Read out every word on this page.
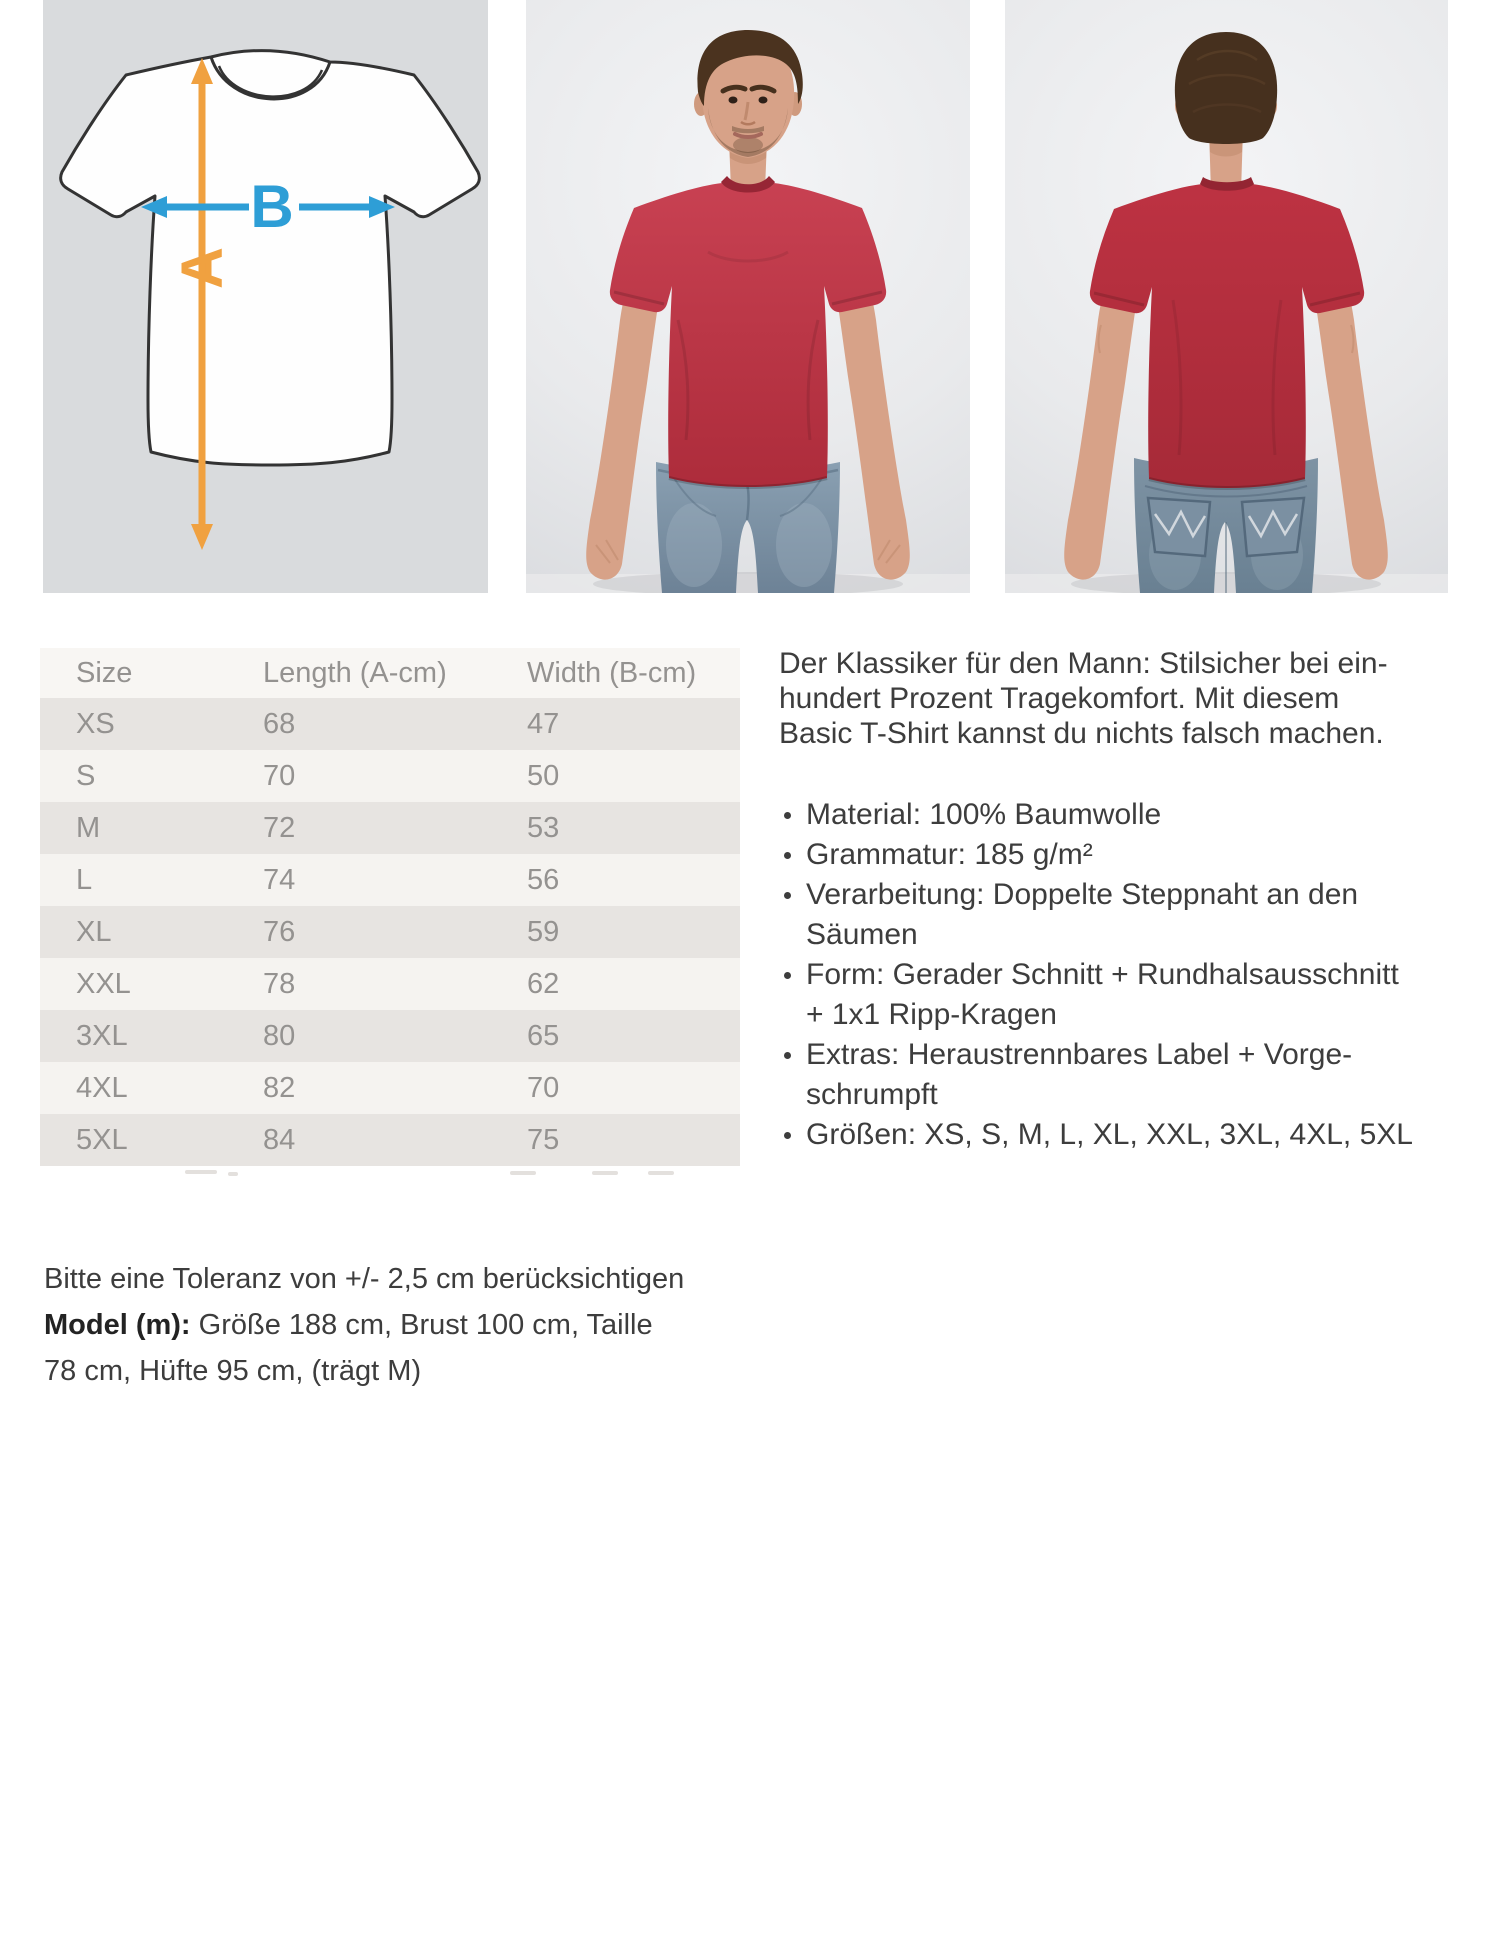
A
B
Size	Length (A-cm)	Width (B-cm)
XS	68	47
S	70	50
M	72	53
L	74	56
XL	76	59
XXL	78	62
3XL	80	65
4XL	82	70
5XL	84	75
Der Klassiker für den Mann: Stilsicher bei ein-
hundert Prozent Tragekomfort. Mit diesem
Basic T-Shirt kannst du nichts falsch machen.
Material: 100% Baumwolle
Grammatur: 185 g/m²
Verarbeitung: Doppelte Steppnaht an den
Säumen
Form: Gerader Schnitt + Rundhalsausschnitt
+ 1x1 Ripp-Kragen
Extras: Heraustrennbares Label + Vorge-
schrumpft
Größen: XS, S, M, L, XL, XXL, 3XL, 4XL, 5XL
Bitte eine Toleranz von +/- 2,5 cm berücksichtigen
Model (m): Größe 188 cm, Brust 100 cm, Taille
78 cm, Hüfte 95 cm, (trägt M)
